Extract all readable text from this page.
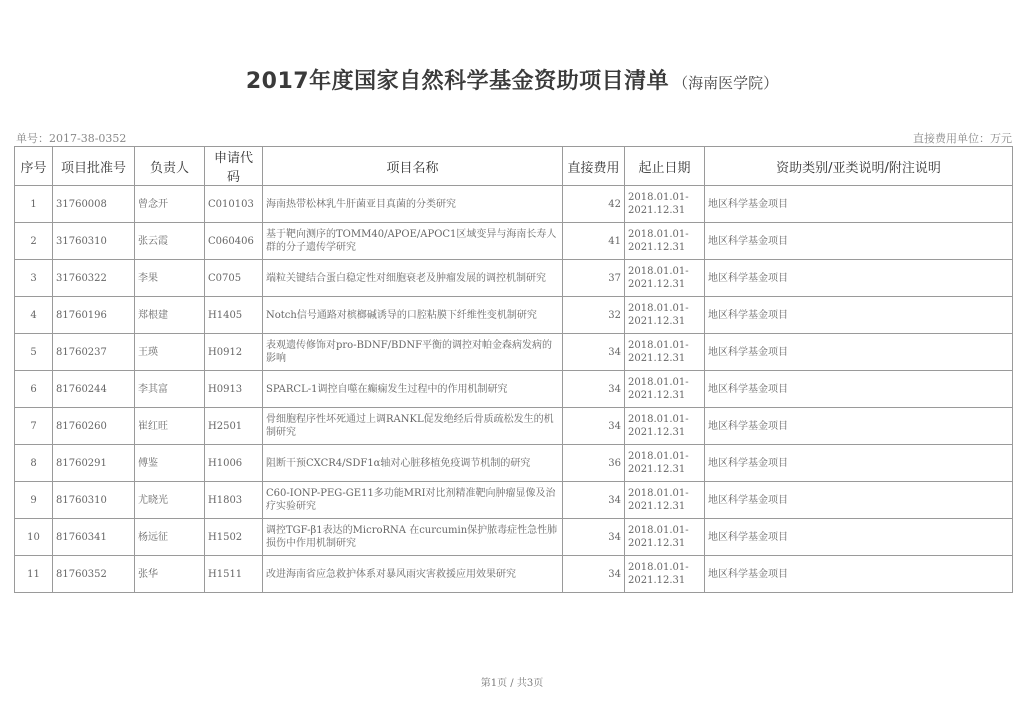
2017年度国家自然科学基金资助项目清单 （海南医学院）
单号：2017-38-0352	直接费用单位：万元
序号	项目批准号	负责人	申请代码	项目名称	直接费用	起止日期	资助类别/亚类说明/附注说明
1	31760008	曾念开	C010103	海南热带松林乳牛肝菌亚目真菌的分类研究	42	2018.01.01-2021.12.31	地区科学基金项目
2	31760310	张云霞	C060406	基于靶向测序的TOMM40/APOE/APOC1区域变异与海南长寿人群的分子遗传学研究	41	2018.01.01-2021.12.31	地区科学基金项目
3	31760322	李果	C0705	端粒关键结合蛋白稳定性对细胞衰老及肿瘤发展的调控机制研究	37	2018.01.01-2021.12.31	地区科学基金项目
4	81760196	郑根建	H1405	Notch信号通路对槟榔碱诱导的口腔粘膜下纤维性变机制研究	32	2018.01.01-2021.12.31	地区科学基金项目
5	81760237	王瑛	H0912	表观遗传修饰对pro-BDNF/BDNF平衡的调控对帕金森病发病的影响	34	2018.01.01-2021.12.31	地区科学基金项目
6	81760244	李其富	H0913	SPARCL-1调控自噬在癫痫发生过程中的作用机制研究	34	2018.01.01-2021.12.31	地区科学基金项目
7	81760260	崔红旺	H2501	骨细胞程序性坏死通过上调RANKL促发绝经后骨质疏松发生的机制研究	34	2018.01.01-2021.12.31	地区科学基金项目
8	81760291	傅鉴	H1006	阻断干预CXCR4/SDF1α轴对心脏移植免疫调节机制的研究	36	2018.01.01-2021.12.31	地区科学基金项目
9	81760310	尤晓光	H1803	C60-IONP-PEG-GE11多功能MRI对比剂精准靶向肿瘤显像及治疗实验研究	34	2018.01.01-2021.12.31	地区科学基金项目
10	81760341	杨远征	H1502	调控TGF-β1表达的MicroRNA 在curcumin保护脓毒症性急性肺损伤中作用机制研究	34	2018.01.01-2021.12.31	地区科学基金项目
11	81760352	张华	H1511	改进海南省应急救护体系对暴风雨灾害救援应用效果研究	34	2018.01.01-2021.12.31	地区科学基金项目
第1页 / 共3页
